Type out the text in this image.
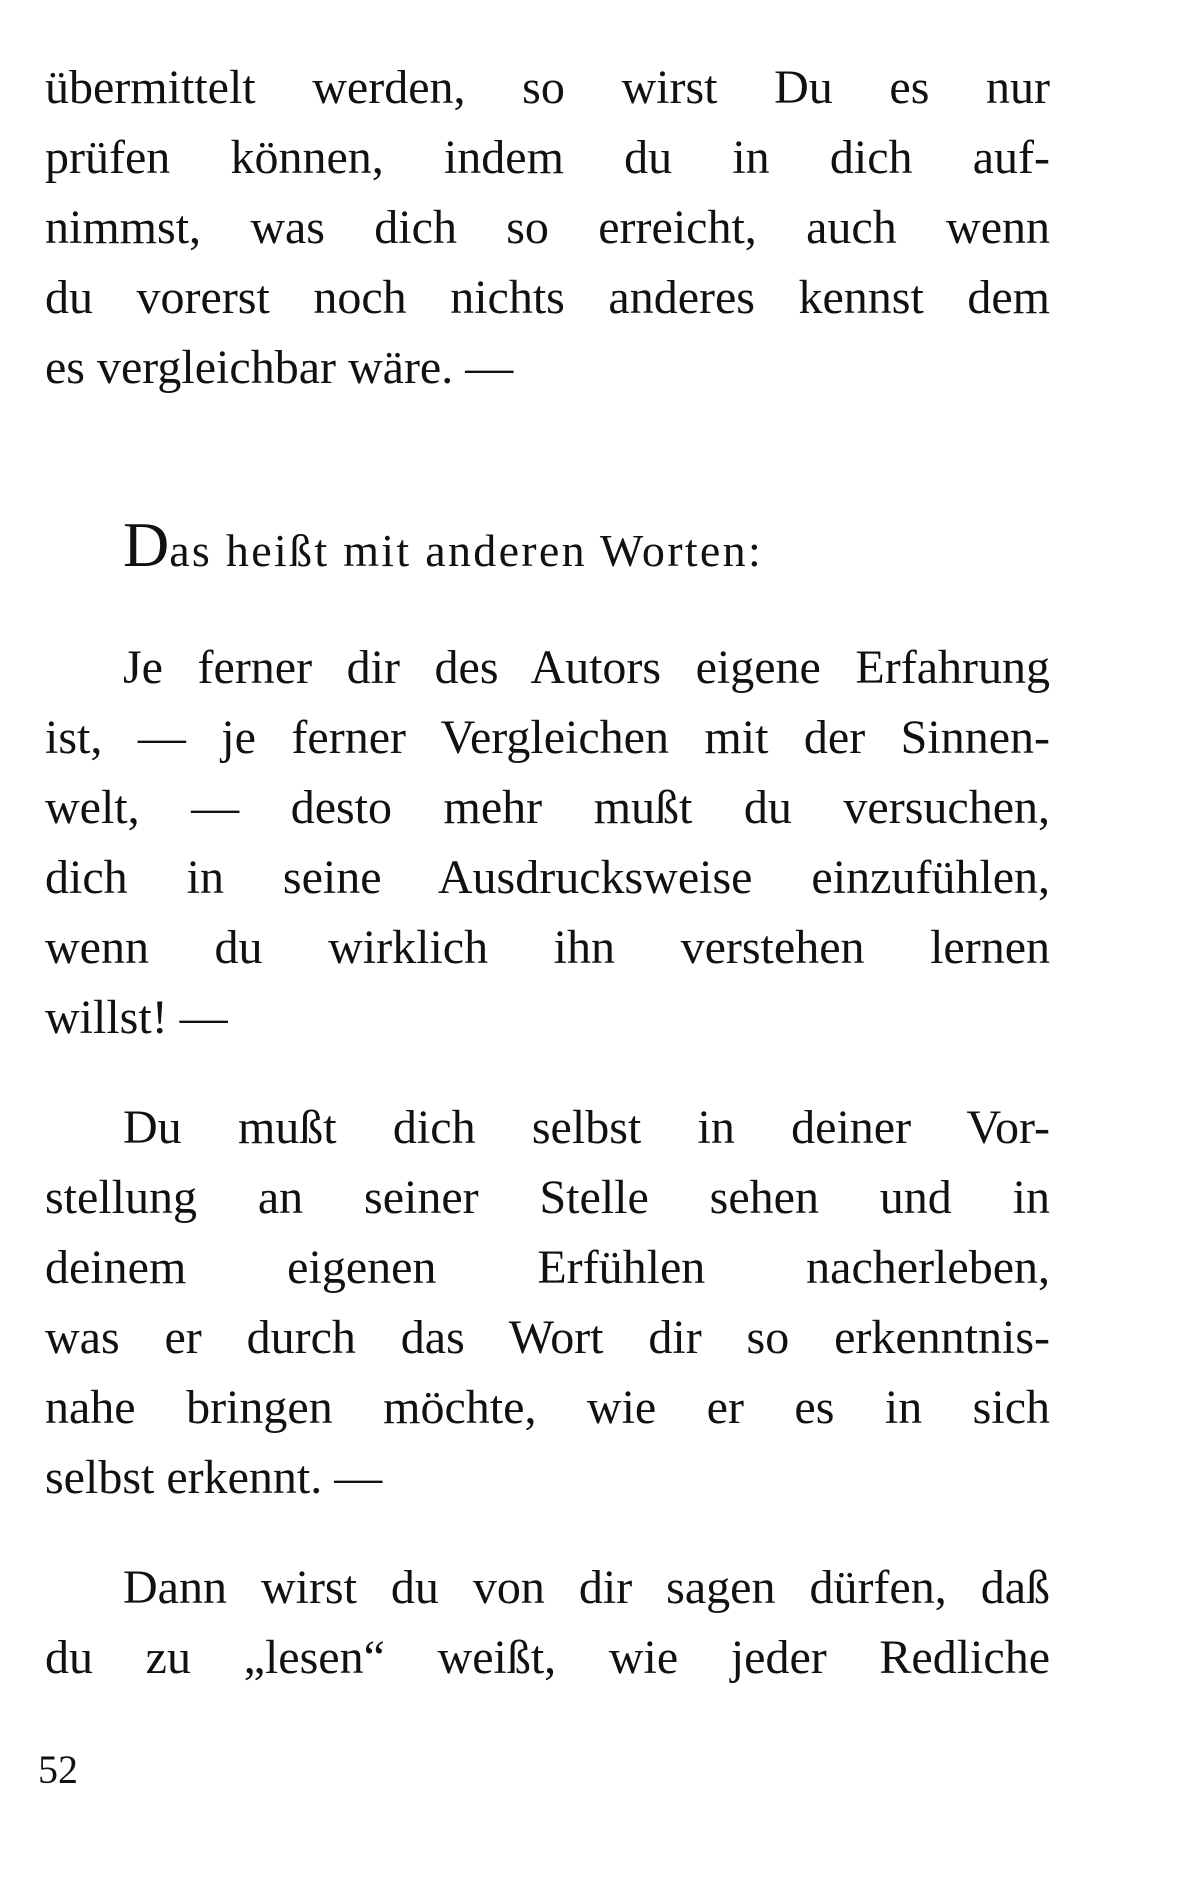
übermittelt werden, so wirst Du es nur
prüfen können, indem du in dich auf-
nimmst, was dich so erreicht, auch wenn
du vorerst noch nichts anderes kennst dem
es vergleichbar wäre. —
Das heißt mit anderen Worten:
Je ferner dir des Autors eigene Erfahrung
ist, — je ferner Vergleichen mit der Sinnen-
welt, — desto mehr mußt du versuchen,
dich in seine Ausdrucksweise einzufühlen,
wenn du wirklich ihn verstehen lernen
willst! —
Du mußt dich selbst in deiner Vor-
stellung an seiner Stelle sehen und in
deinem eigenen Erfühlen nacherleben,
was er durch das Wort dir so erkenntnis-
nahe bringen möchte, wie er es in sich
selbst erkennt. —
Dann wirst du von dir sagen dürfen, daß
du zu „lesen“ weißt, wie jeder Redliche
52
